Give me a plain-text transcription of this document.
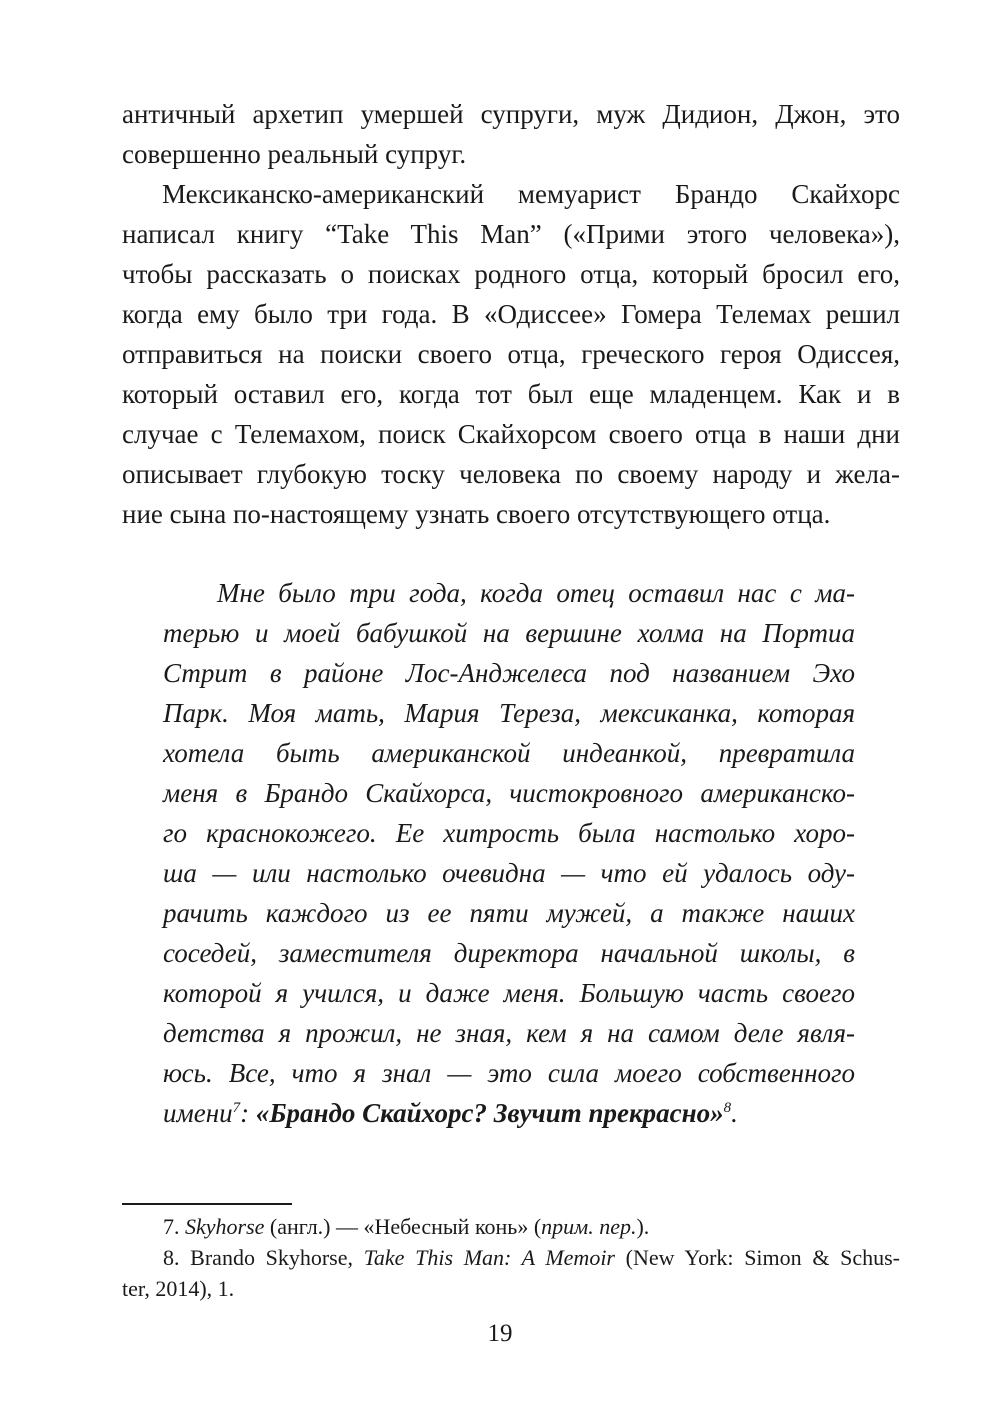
античный архетип умершей супруги, муж Дидион, Джон, это
совершенно реальный супруг.
Мексиканско-американский мемуарист Брандо Скайхорс
написал книгу “Take This Man” («Прими этого человека»),
чтобы рассказать о поисках родного отца, который бросил его,
когда ему было три года. В «Одиссее» Гомера Телемах решил
отправиться на поиски своего отца, греческого героя Одиссея,
который оставил его, когда тот был еще младенцем. Как и в
случае с Телемахом, поиск Скайхорсом своего отца в наши дни
описывает глубокую тоску человека по своему народу и жела-
ние сына по-настоящему узнать своего отсутствующего отца.
Мне было три года, когда отец оставил нас с ма-
терью и моей бабушкой на вершине холма на Портиа
Стрит в районе Лос-Анджелеса под названием Эхо
Парк. Моя мать, Мария Тереза, мексиканка, которая
хотела быть американской индеанкой, превратила
меня в Брандо Скайхорса, чистокровного американско-
го краснокожего. Ее хитрость была настолько хоро-
ша — или настолько очевидна — что ей удалось оду-
рачить каждого из ее пяти мужей, а также наших
соседей, заместителя директора начальной школы, в
которой я учился, и даже меня. Большую часть своего
детства я прожил, не зная, кем я на самом деле явля-
юсь. Все, что я знал — это сила моего собственного
имени$^7$: «Брандо Скайхорс? Звучит прекрасно»$^8$.
7. Skyhorse (англ.) — «Небесный конь» (прим. пер.).
8. Brando Skyhorse, Take This Man: A Memoir (New York: Simon & Schus-
ter, 2014), 1.
19
